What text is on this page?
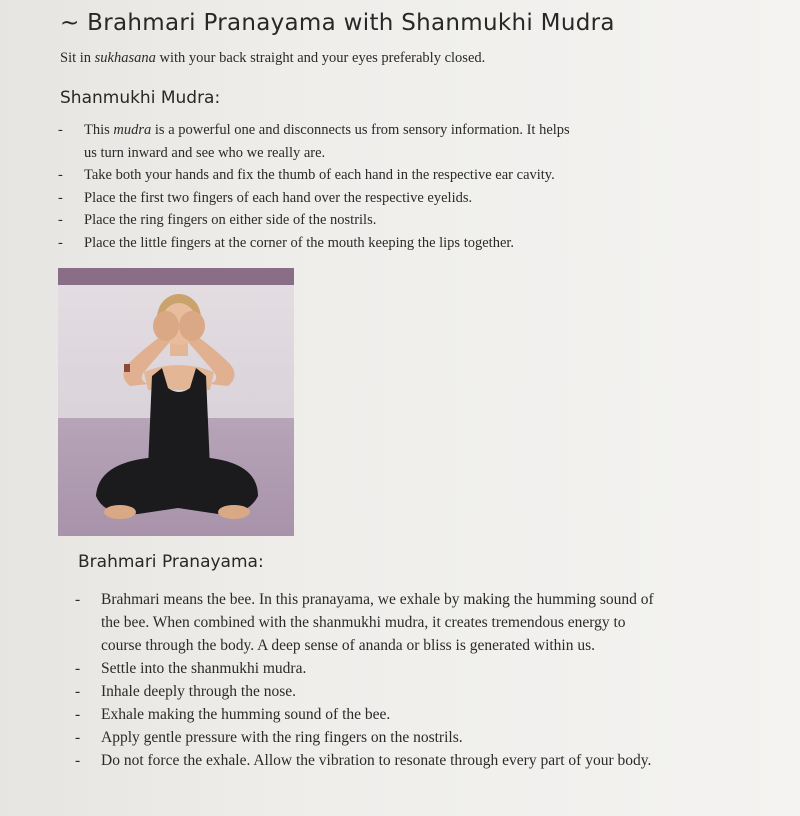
~ Brahmari Pranayama with Shanmukhi Mudra
Sit in sukhasana with your back straight and your eyes preferably closed.
Shanmukhi Mudra:
- This mudra is a powerful one and disconnects us from sensory information. It helps
us turn inward and see who we really are.
- Take both your hands and fix the thumb of each hand in the respective ear cavity.
- Place the first two fingers of each hand over the respective eyelids.
- Place the ring fingers on either side of the nostrils.
- Place the little fingers at the corner of the mouth keeping the lips together.
Brahmari Pranayama:
- Brahmari means the bee. In this pranayama, we exhale by making the humming sound of
the bee. When combined with the shanmukhi mudra, it creates tremendous energy to
course through the body. A deep sense of ananda or bliss is generated within us.
- Settle into the shanmukhi mudra.
- Inhale deeply through the nose.
- Exhale making the humming sound of the bee.
- Apply gentle pressure with the ring fingers on the nostrils.
- Do not force the exhale. Allow the vibration to resonate through every part of your body.
